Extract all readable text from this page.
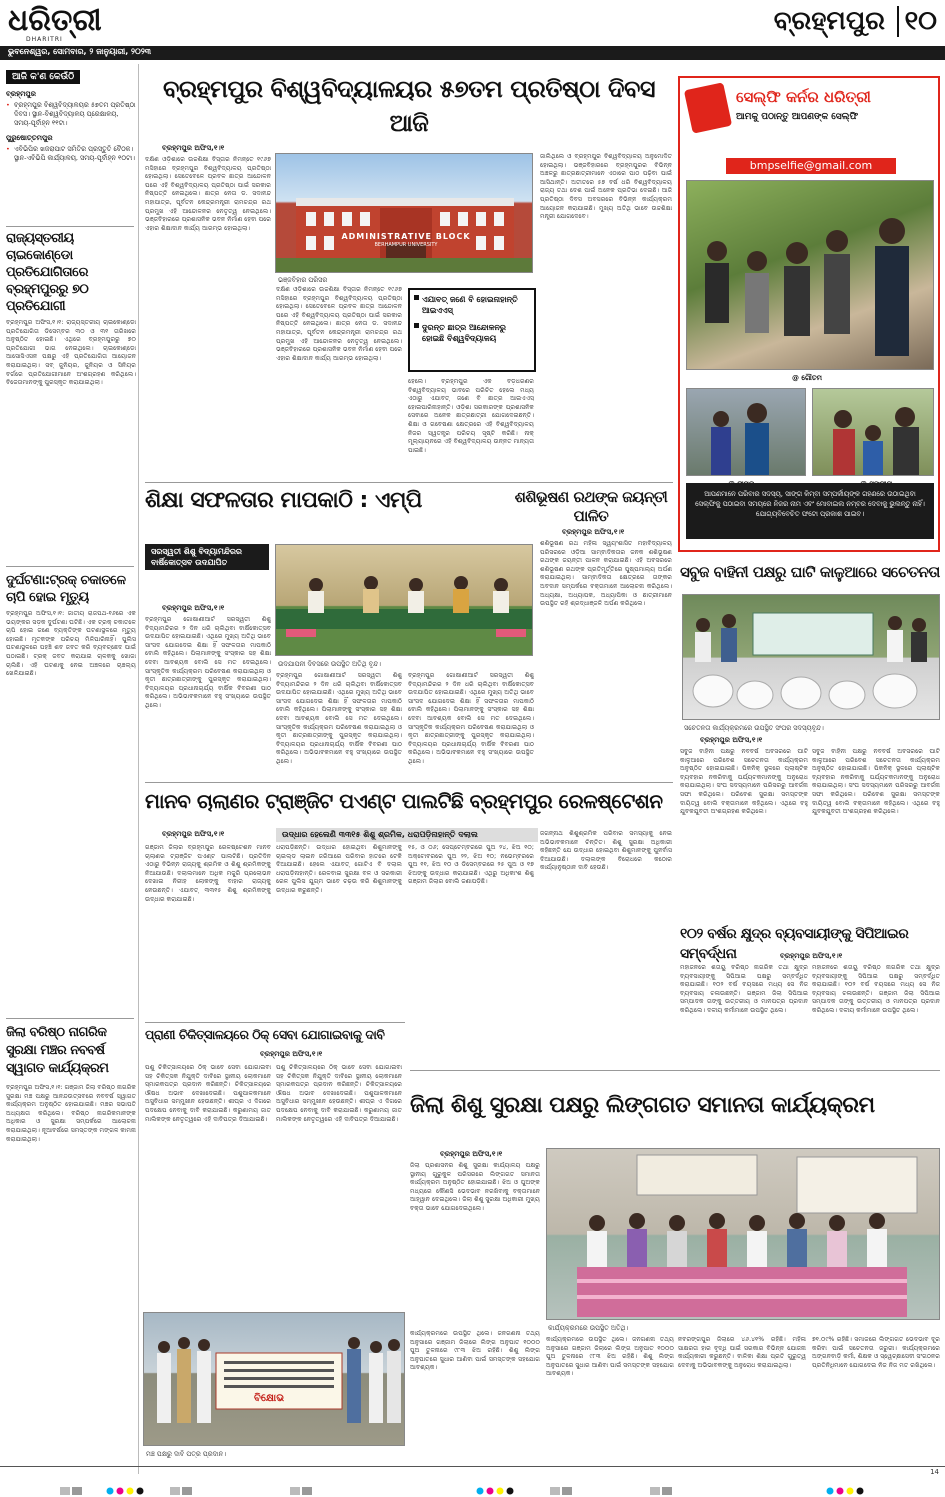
ଧରିତ୍ରୀ
DHARITRI
ବ୍ରହ୍ମପୁର ୧୦
ଭୁବନେଶ୍ୱର, ସୋମବାର, ୨ ଜାନୁୟାରୀ, ୨୦୨୩
ଆଜି କ'ଣ କେଉଁଠି
ବ୍ରହ୍ମପୁର
• ବ୍ରହ୍ମପୁର ବିଶ୍ୱବିଦ୍ୟାଳୟର ୫୭ତମ ପ୍ରତିଷ୍ଠା ଦିବସ। ସ୍ଥାନ-ବିଶ୍ୱବିଦ୍ୟାଳୟ ପ୍ରେକ୍ଷାଳୟ, ସମୟ-ପୂର୍ବାହ୍ନ ୧୧ଟା।
ପୁରୁଷୋତ୍ତମପୁର
• ଏବିଭିପିର ଖଜରାପାଟ ସମିତିର ପ୍ରସ୍ତୁତି ବୈଠକ। ସ୍ଥାନ-ଏବିଭିପି କାର୍ଯ୍ୟାଳୟ, ସମୟ-ପୂର୍ବାହ୍ନ ୧୦ଟା।
ରାଜ୍ୟସ୍ତରୀୟ ଚାଇକୋଣ୍ଡୋ ପ୍ରତିଯୋଗିତାରେ ବ୍ରହ୍ମପୁରରୁ ୭୦ ପ୍ରତିଯୋଗୀ
ବ୍ରହ୍ମପୁର ଅଫିସ,୧।୧: ରାଜ୍ୟସ୍ତରୀୟ ଚାଇକୋଣ୍ଡୋ ପ୍ରତିଯୋଗିତା ଡିସେମ୍ବର ୩୦ ଓ ୩୧ ତାରିଖରେ ଅନୁଷ୍ଠିତ ହୋଇଛି। ଏଥିରେ ବ୍ରହ୍ମପୁରରୁ ୭୦ ପ୍ରତିଯୋଗୀ ଭାଗ ନେଇଥିଲେ। ଚାଇକୋଣ୍ଡୋ ଆସୋସିଏସନ ପକ୍ଷରୁ ଏହି ପ୍ରତିଯୋଗିତା ଆୟୋଜନ କରାଯାଇଥିଲା। ସବ୍ ଜୁନିୟର, ଜୁନିୟର ଓ ସିନିୟର ବର୍ଗରେ ପ୍ରତିଯୋଗୀମାନେ ଅଂଶଗ୍ରହଣ କରିଥିଲେ। ବିଜେତାମାନଙ୍କୁ ପୁରସ୍କୃତ କରାଯାଇଥିଲା।
ଦୁର୍ଘଟଣା:ଟ୍ରକ୍ ଚକାତଳେ ଚାପି ହୋଇ ମୃତ୍ୟୁ
ବ୍ରହ୍ମପୁର ଅଫିସ,୧।୧: ଜାତୀୟ ରାଜପଥ-୧୬ରେ ଏକ ଭୟଙ୍କର ସଡ଼କ ଦୁର୍ଘଟଣା ଘଟିଛି। ଏକ ଟ୍ରକ୍ ଚକାତଳେ ଚାପି ହୋଇ ଜଣେ ବ୍ୟକ୍ତିଙ୍କ ଘଟଣାସ୍ଥଳରେ ମୃତ୍ୟୁ ହୋଇଛି। ମୃତକଙ୍କ ପରିଚୟ ମିଳିପାରିନାହିଁ। ପୁଲିସ ଘଟଣାସ୍ଥଳରେ ପହଞ୍ଚି ଶବ ଜବତ କରି ବ୍ୟବଚ୍ଛେଦ ପାଇଁ ପଠାଇଛି। ଟ୍ରକ୍ ଜବତ କରାଯାଇ ଚାଳକକୁ ଖୋଜା ଚାଲିଛି। ଏହି ଘଟଣାକୁ ନେଇ ଅଞ୍ଚଳରେ ଚାଞ୍ଚଲ୍ୟ ଖେଳିଯାଇଛି।
ଜିଲା ବରିଷ୍ଠ ନାଗରିକ ସୁରକ୍ଷା ମଞ୍ଚର ନବବର୍ଷ ସ୍ୱାଗତ କାର୍ଯ୍ୟକ୍ରମ
ବ୍ରହ୍ମପୁର ଅଫିସ,୧।୧: ଗଞ୍ଜାମ ଜିଲା ବରିଷ୍ଠ ନାଗରିକ ସୁରକ୍ଷା ମଞ୍ଚ ପକ୍ଷରୁ ଆନନ୍ଦଉତ୍ସବରେ ନବବର୍ଷ ସ୍ୱାଗତ କାର୍ଯ୍ୟକ୍ରମ ଅନୁଷ୍ଠିତ ହୋଇଯାଇଛି। ମଞ୍ଚର ସଭାପତି ଅଧ୍ୟକ୍ଷତା କରିଥିଲେ। ବରିଷ୍ଠ ନାଗରିକମାନଙ୍କ ଅଧିକାର ଓ ସୁରକ୍ଷା ସମ୍ପର୍କରେ ଆଲୋଚନା କରାଯାଇଥିଲା। ନୂଆବର୍ଷରେ ସମସ୍ତଙ୍କ ମଙ୍ଗଳ କାମନା କରାଯାଇଥିଲା।
ବ୍ରହ୍ମପୁର ବିଶ୍ୱବିଦ୍ୟାଳୟର ୫୭ତମ ପ୍ରତିଷ୍ଠା ଦିବସ ଆଜି
ବ୍ରହ୍ମପୁର ଅଫିସ,୧।୧
ଦକ୍ଷିଣ ଓଡ଼ିଶାରେ ଉଚ୍ଚଶିକ୍ଷା ବିସ୍ତାର ନିମନ୍ତେ ୧୯୬୭ ମସିହାରେ ବ୍ରହ୍ମପୁର ବିଶ୍ୱବିଦ୍ୟାଳୟ ପ୍ରତିଷ୍ଠା ହୋଇଥିଲା। ସେତେବେଳେ ପ୍ରବଳ ଛାତ୍ର ଆନ୍ଦୋଳନ ପରେ ଏହି ବିଶ୍ୱବିଦ୍ୟାଳୟ ପ୍ରତିଷ୍ଠା ପାଇଁ ସରକାର ନିଷ୍ପତ୍ତି ନେଇଥିଲେ। ଛାତ୍ର ନେତା ଡ. ସଦାନନ୍ଦ ମହାପାତ୍ର, ପୂର୍ବତନ କେନ୍ଦ୍ରମନ୍ତ୍ରୀ ରାମଚନ୍ଦ୍ର ରଥ ପ୍ରମୁଖ ଏହି ଆନ୍ଦୋଳନର ନେତୃତ୍ୱ ନେଇଥିଲେ। ଭଞ୍ଜବିହାରରେ ପ୍ରଶାସନିକ ଭବନ ନିର୍ମାଣ ହେବା ପରେ ଏହାର ଶିକ୍ଷାଦାନ କାର୍ଯ୍ୟ ଆରମ୍ଭ ହୋଇଥିଲା।
ADMINISTRATIVE BLOCK
BERHAMPUR UNIVERSITY
ଭଞ୍ଜବିହାର ପରିସର
ଦକ୍ଷିଣ ଓଡ଼ିଶାରେ ଉଚ୍ଚଶିକ୍ଷା ବିସ୍ତାର ନିମନ୍ତେ ୧୯୬୭ ମସିହାରେ ବ୍ରହ୍ମପୁର ବିଶ୍ୱବିଦ୍ୟାଳୟ ପ୍ରତିଷ୍ଠା ହୋଇଥିଲା। ସେତେବେଳେ ପ୍ରବଳ ଛାତ୍ର ଆନ୍ଦୋଳନ ପରେ ଏହି ବିଶ୍ୱବିଦ୍ୟାଳୟ ପ୍ରତିଷ୍ଠା ପାଇଁ ସରକାର ନିଷ୍ପତ୍ତି ନେଇଥିଲେ। ଛାତ୍ର ନେତା ଡ. ସଦାନନ୍ଦ ମହାପାତ୍ର, ପୂର୍ବତନ କେନ୍ଦ୍ରମନ୍ତ୍ରୀ ରାମଚନ୍ଦ୍ର ରଥ ପ୍ରମୁଖ ଏହି ଆନ୍ଦୋଳନର ନେତୃତ୍ୱ ନେଇଥିଲେ। ଭଞ୍ଜବିହାରରେ ପ୍ରଶାସନିକ ଭବନ ନିର୍ମାଣ ହେବା ପରେ ଏହାର ଶିକ୍ଷାଦାନ କାର୍ଯ୍ୟ ଆରମ୍ଭ ହୋଇଥିଲା।
ଏଯାବତ୍ ଜଣେ ବି ହୋଇନାହାନ୍ତି ଆଇଏଏସ୍
ଦୁରନ୍ତ ଛାତ୍ର ଆନ୍ଦୋଳନରୁ ହୋଇଛି ବିଶ୍ୱବିଦ୍ୟାଳୟ
ହେଲେ। ବ୍ରହ୍ମପୁର ଏକ ବଡ଼ଧରଣର ବିଶ୍ୱବିଦ୍ୟାଳୟ ଭାବରେ ପରିଚିତ ହେଲେ ମଧ୍ୟ ଏଠାରୁ ଏଯାବତ୍ ଜଣେ ବି ଛାତ୍ର ଆଇଏଏସ୍ ହୋଇପାରିନାହାନ୍ତି। ଓଡ଼ିଶା ସରକାରଙ୍କ ପ୍ରଶାସନିକ ସେବାରେ ଅନେକ ଛାତ୍ରଛାତ୍ରୀ ଯୋଗଦେଇଛନ୍ତି। ଶିକ୍ଷା ଓ ଗବେଷଣା କ୍ଷେତ୍ରରେ ଏହି ବିଶ୍ୱବିଦ୍ୟାଳୟ ନିଜର ସ୍ୱତନ୍ତ୍ର ପରିଚୟ ସୃଷ୍ଟି କରିଛି। ନାକ୍ ମୂଲ୍ୟାୟନରେ ଏହି ବିଶ୍ୱବିଦ୍ୟାଳୟ ଉନ୍ନତ ମାନ୍ୟତା ପାଇଛି।
ଜାଲିଥିଲେ ଓ ବ୍ରହ୍ମପୁର ବିଶ୍ୱବିଦ୍ୟାଳୟ ଅନୁମୋଦିତ ହୋଇଥିଲା। ଭଞ୍ଜବିହାରରେ ବ୍ରହ୍ମପୁରର ବିଭିନ୍ନ ଅଞ୍ଚଳରୁ ଛାତ୍ରଛାତ୍ରୀମାନେ ଏଠାରେ ପାଠ ପଢ଼ିବା ପାଇଁ ଆସିଥାନ୍ତି। ଅତୀତରେ ୫୭ ବର୍ଷ ଧରି ବିଶ୍ୱବିଦ୍ୟାଳୟ ରାଜ୍ୟ ତଥା ଦେଶ ପାଇଁ ଅନେକ ପ୍ରତିଭା ଦେଇଛି। ଆଜି ପ୍ରତିଷ୍ଠା ଦିବସ ଅବସରରେ ବିଭିନ୍ନ କାର୍ଯ୍ୟକ୍ରମ ଆୟୋଜନ କରାଯାଇଛି। ମୁଖ୍ୟ ଅତିଥି ଭାବେ ଉଚ୍ଚଶିକ୍ଷା ମନ୍ତ୍ରୀ ଯୋଗଦେବେ।
ସେଲ୍ଫି କର୍ନର ଧରିତ୍ରୀ
ଆମକୁ ପଠାନ୍ତୁ ଆପଣଙ୍କ ସେଲ୍ଫି
bmpselfie@gmail.com
@ ଗୌତମ
ଆପଣମାନେ ପରିବାର ସଦସ୍ୟ, ସାଙ୍ଗ କିମ୍ବା ସମ୍ପର୍କୀୟଙ୍କ ଗହଣରେ ଉଠାଇଥିବା ସେଲ୍ଫିକୁ ପଠାଇବା ସମୟରେ ନିଜର ନାମ ଏବଂ ମୋବାଇଲ ନମ୍ବର ଦେବାକୁ ଭୁଲନ୍ତୁ ନାହିଁ। ଯୋଗ୍ୟବିବେଚିତ ଫଟୋ ପ୍ରକାଶ ପାଇବ।
ଶିକ୍ଷା ସଫଳତାର ମାପକାଠି : ଏମ୍‌ପି
ସରସ୍ୱତୀ ଶିଶୁ ବିଦ୍ୟାମନ୍ଦିରର ବାର୍ଷିକୋତ୍ସବ ଉଦଯାପିତ
ବ୍ରହ୍ମପୁର ଅଫିସ,୧।୧
ଉଦଯାପନୀ ଦିବସରେ ଉପସ୍ଥିତ ଅତିଥି ବୃନ୍ଦ।
ବ୍ରହ୍ମପୁର ଗୋଷାଣୀଆର୍ଟ ସରସ୍ୱତୀ ଶିଶୁ ବିଦ୍ୟାମନ୍ଦିରର ୨ ଦିନ ଧରି ଚାଲିଥିବା ବାର୍ଷିକୋତ୍ସବ ଉଦଯାପିତ ହୋଇଯାଇଛି। ଏଥିରେ ମୁଖ୍ୟ ଅତିଥି ଭାବେ ସାଂସଦ ଯୋଗଦେଇ ଶିକ୍ଷା ହିଁ ସଫଳତାର ମାପକାଠି ବୋଲି କହିଥିଲେ। ପିଲାମାନଙ୍କୁ ସଂସ୍କାର ସହ ଶିକ୍ଷା ଦେବା ଆବଶ୍ୟକ ବୋଲି ସେ ମତ ଦେଇଥିଲେ। ସାଂସ୍କୃତିକ କାର୍ଯ୍ୟକ୍ରମ ପରିବେଷଣ କରାଯାଇଥିଲା ଓ କୃତୀ ଛାତ୍ରଛାତ୍ରୀଙ୍କୁ ପୁରସ୍କୃତ କରାଯାଇଥିଲା। ବିଦ୍ୟାଳୟର ପ୍ରଧାନାଚାର୍ଯ୍ୟ ବାର୍ଷିକ ବିବରଣୀ ପାଠ କରିଥିଲେ। ଅଭିଭାବକମାନେ ବହୁ ସଂଖ୍ୟାରେ ଉପସ୍ଥିତ ଥିଲେ।
ବ୍ରହ୍ମପୁର ଗୋଷାଣୀଆର୍ଟ ସରସ୍ୱତୀ ଶିଶୁ ବିଦ୍ୟାମନ୍ଦିରର ୨ ଦିନ ଧରି ଚାଲିଥିବା ବାର୍ଷିକୋତ୍ସବ ଉଦଯାପିତ ହୋଇଯାଇଛି। ଏଥିରେ ମୁଖ୍ୟ ଅତିଥି ଭାବେ ସାଂସଦ ଯୋଗଦେଇ ଶିକ୍ଷା ହିଁ ସଫଳତାର ମାପକାଠି ବୋଲି କହିଥିଲେ। ପିଲାମାନଙ୍କୁ ସଂସ୍କାର ସହ ଶିକ୍ଷା ଦେବା ଆବଶ୍ୟକ ବୋଲି ସେ ମତ ଦେଇଥିଲେ। ସାଂସ୍କୃତିକ କାର୍ଯ୍ୟକ୍ରମ ପରିବେଷଣ କରାଯାଇଥିଲା ଓ କୃତୀ ଛାତ୍ରଛାତ୍ରୀଙ୍କୁ ପୁରସ୍କୃତ କରାଯାଇଥିଲା। ବିଦ୍ୟାଳୟର ପ୍ରଧାନାଚାର୍ଯ୍ୟ ବାର୍ଷିକ ବିବରଣୀ ପାଠ କରିଥିଲେ। ଅଭିଭାବକମାନେ ବହୁ ସଂଖ୍ୟାରେ ଉପସ୍ଥିତ ଥିଲେ।
ବ୍ରହ୍ମପୁର ଗୋଷାଣୀଆର୍ଟ ସରସ୍ୱତୀ ଶିଶୁ ବିଦ୍ୟାମନ୍ଦିରର ୨ ଦିନ ଧରି ଚାଲିଥିବା ବାର୍ଷିକୋତ୍ସବ ଉଦଯାପିତ ହୋଇଯାଇଛି। ଏଥିରେ ମୁଖ୍ୟ ଅତିଥି ଭାବେ ସାଂସଦ ଯୋଗଦେଇ ଶିକ୍ଷା ହିଁ ସଫଳତାର ମାପକାଠି ବୋଲି କହିଥିଲେ। ପିଲାମାନଙ୍କୁ ସଂସ୍କାର ସହ ଶିକ୍ଷା ଦେବା ଆବଶ୍ୟକ ବୋଲି ସେ ମତ ଦେଇଥିଲେ। ସାଂସ୍କୃତିକ କାର୍ଯ୍ୟକ୍ରମ ପରିବେଷଣ କରାଯାଇଥିଲା ଓ କୃତୀ ଛାତ୍ରଛାତ୍ରୀଙ୍କୁ ପୁରସ୍କୃତ କରାଯାଇଥିଲା। ବିଦ୍ୟାଳୟର ପ୍ରଧାନାଚାର୍ଯ୍ୟ ବାର୍ଷିକ ବିବରଣୀ ପାଠ କରିଥିଲେ। ଅଭିଭାବକମାନେ ବହୁ ସଂଖ୍ୟାରେ ଉପସ୍ଥିତ ଥିଲେ।
ଶଶିଭୂଷଣ ରଥଙ୍କ ଜୟନ୍ତୀ ପାଳିତ
ବ୍ରହ୍ମପୁର ଅଫିସ,୧।୧
ଶଶିଭୂଷଣ ରଥ ମହିଳା ସ୍ୱୟଂଶାସିତ ମହାବିଦ୍ୟାଳୟ ପରିସରରେ ଓଡ଼ିଆ ସାମ୍ବାଦିକତାର ଜନକ ଶଶିଭୂଷଣ ରଥଙ୍କ ଜୟନ୍ତୀ ପାଳନ କରାଯାଇଛି। ଏହି ଅବସରରେ ଶଶିଭୂଷଣ ରଥଙ୍କ ପ୍ରତିମୂର୍ତ୍ତିରେ ପୁଷ୍ପମାଲ୍ୟ ଅର୍ପଣ କରାଯାଇଥିଲା। ସାମ୍ବାଦିକତା କ୍ଷେତ୍ରରେ ତାଙ୍କର ଅବଦାନ ସମ୍ପର୍କରେ ବକ୍ତାମାନେ ଆଲୋଚନା କରିଥିଲେ। ଅଧ୍ୟକ୍ଷା, ଅଧ୍ୟାପକ, ଅଧ୍ୟାପିକା ଓ ଛାତ୍ରୀମାନେ ଉପସ୍ଥିତ ରହି ଶ୍ରଦ୍ଧାଞ୍ଜଳି ଅର୍ପଣ କରିଥିଲେ।
ସବୁଜ ବାହିନୀ ପକ୍ଷରୁ ଘାଟି କାଳୁଆରେ ସଚେତନତା
ସଚେତନତା କାର୍ଯ୍ୟକ୍ରମରେ ଉପସ୍ଥିତ ସଂଘର ସଦସ୍ୟବୃନ୍ଦ।
ବ୍ରହ୍ମପୁର ଅଫିସ,୧।୧
ସବୁଜ ବାହିନୀ ପକ୍ଷରୁ ନବବର୍ଷ ଅବସରରେ ଘାଟି କାଳୁଆରେ ପରିବେଶ ସଚେତନତା କାର୍ଯ୍ୟକ୍ରମ ଅନୁଷ୍ଠିତ ହୋଇଯାଇଛି। ପିକନିକ୍ ସ୍ଥଳରେ ପ୍ଲାଷ୍ଟିକ ବ୍ୟବହାର ନକରିବାକୁ ପର୍ଯ୍ୟଟକମାନଙ୍କୁ ଅନୁରୋଧ କରାଯାଇଥିଲା। ସଂଘ ସଦସ୍ୟମାନେ ପରିସରରୁ ଆବର୍ଜନା ସଫା କରିଥିଲେ। ପରିବେଶ ସୁରକ୍ଷା ସମସ୍ତଙ୍କ ଦାୟିତ୍ୱ ବୋଲି ବକ୍ତାମାନେ କହିଥିଲେ। ଏଥିରେ ବହୁ ଯୁବକଯୁବତୀ ଅଂଶଗ୍ରହଣ କରିଥିଲେ।
ସବୁଜ ବାହିନୀ ପକ୍ଷରୁ ନବବର୍ଷ ଅବସରରେ ଘାଟି କାଳୁଆରେ ପରିବେଶ ସଚେତନତା କାର୍ଯ୍ୟକ୍ରମ ଅନୁଷ୍ଠିତ ହୋଇଯାଇଛି। ପିକନିକ୍ ସ୍ଥଳରେ ପ୍ଲାଷ୍ଟିକ ବ୍ୟବହାର ନକରିବାକୁ ପର୍ଯ୍ୟଟକମାନଙ୍କୁ ଅନୁରୋଧ କରାଯାଇଥିଲା। ସଂଘ ସଦସ୍ୟମାନେ ପରିସରରୁ ଆବର୍ଜନା ସଫା କରିଥିଲେ। ପରିବେଶ ସୁରକ୍ଷା ସମସ୍ତଙ୍କ ଦାୟିତ୍ୱ ବୋଲି ବକ୍ତାମାନେ କହିଥିଲେ। ଏଥିରେ ବହୁ ଯୁବକଯୁବତୀ ଅଂଶଗ୍ରହଣ କରିଥିଲେ।
ମାନବ ଚାଲାଣର ଟ୍ରାଞ୍ଜିଟ ପଏଣ୍ଟ ପାଲଟିଛି ବ୍ରହ୍ମପୁର ରେଳଷ୍ଟେଶନ
ବ୍ରହ୍ମପୁର ଅଫିସ,୧।୧	ଉଦ୍ଧାର ହେଲେଣି ୩୩୧୫ ଶିଶୁ ଶ୍ରମିକ, ଧରାପଡ଼ିନାହାନ୍ତି ଦଲାଲ
ଗଞ୍ଜାମ ଜିଲାର ବ୍ରହ୍ମପୁର ରେଳଷ୍ଟେଶନ ମାନବ ଚାଲାଣର ଟ୍ରାଞ୍ଜିଟ ପଏଣ୍ଟ ପାଲଟିଛି। ପ୍ରତିଦିନ ଏଠାରୁ ବିଭିନ୍ନ ରାଜ୍ୟକୁ ଶ୍ରମିକ ଓ ଶିଶୁ ଶ୍ରମିକଙ୍କୁ ନିଆଯାଉଛି। ଦଲାଲମାନେ ଅଧିକ ମଜୁରି ପ୍ରଲୋଭନ ଦେଖାଇ ନିରୀହ ଲୋକଙ୍କୁ ବାହାର ରାଜ୍ୟକୁ ନେଉଛନ୍ତି। ଏଯାବତ୍ ୩୩୧୫ ଶିଶୁ ଶ୍ରମିକଙ୍କୁ ଉଦ୍ଧାର କରାଯାଇଛି।
ଧରାପଡ଼ିଛନ୍ତି। ଉଦ୍ଧାର ହୋଇଥିବା ଶିଶୁମାନଙ୍କୁ ଚାଇଲ୍ଡ ଲାଇନ ଜରିଆରେ ପରିବାର ହାତରେ ଟେକି ଦିଆଯାଇଛି। ହେଲେ ଏଯାବତ୍ ଗୋଟିଏ ବି ଦଲାଲ ଧରାପଡ଼ିନାହାନ୍ତି। ରେଳବାଇ ସୁରକ୍ଷା ବଳ ଓ ସରକାରୀ ରେଳ ପୁଲିସ ଯୁଗ୍ମ ଭାବେ ଚଢ଼ଉ କରି ଶିଶୁମାନଙ୍କୁ ଉଦ୍ଧାର କରୁଛନ୍ତି।
୧୫, ଓ ୦୬; ସେପ୍ଟେମ୍ବରରେ ପୁଅ ୨୪, ଝିଅ ୧୦; ଅକ୍ଟୋବରରେ ପୁଅ ୨୨, ଝିଅ ୧୦; ନଭେମ୍ବରରେ ପୁଅ ୧୧, ଝିଅ ୧୦ ଓ ଡିସେମ୍ବରରେ ୨୫ ପୁଅ ଓ ୧୭ ଝିଅଙ୍କୁ ଉଦ୍ଧାର କରାଯାଇଛି। ଏଥିରୁ ଅଧିକାଂଶ ଶିଶୁ ଗଞ୍ଜାମ ଜିଲାର ବୋଲି ଜଣାପଡ଼ିଛି।
ଜଗନ୍ନାଥ ଶିଶୁଶ୍ରମିକ ପରିବାର ସମସ୍ୟାକୁ ନେଇ ଅଭିଭାବକମାନେ ଚିନ୍ତିତ। ଶିଶୁ ସୁରକ୍ଷା ଅଧିକାରୀ କହିଛନ୍ତି ଯେ ଉଦ୍ଧାର ହୋଇଥିବା ଶିଶୁମାନଙ୍କୁ ପୁନର୍ବାସ ଦିଆଯାଉଛି। ଦଲାଲଙ୍କ ବିରୋଧରେ କଠୋର କାର୍ଯ୍ୟାନୁଷ୍ଠାନ ଦାବି ହେଉଛି।
୧୦୨ ବର୍ଷର କ୍ଷୁଦ୍ର ବ୍ୟବସାୟୀଙ୍କୁ ସିପିଆଇର ସମ୍ବର୍ଦ୍ଧନା	ବ୍ରହ୍ମପୁର ଅଫିସ,୧।୧
ମହାଜନରେ ଶତାୟୁ ବରିଷ୍ଠ ନାଗରିକ ତଥା କ୍ଷୁଦ୍ର ବ୍ୟବସାୟୀଙ୍କୁ ସିପିଆଇ ପକ୍ଷରୁ ସମ୍ବର୍ଦ୍ଧିତ କରାଯାଇଛି। ୧୦୨ ବର୍ଷ ବୟସରେ ମଧ୍ୟ ସେ ନିଜ ବ୍ୟବସାୟ ଚଳାଉଛନ୍ତି। ଗଞ୍ଜାମ ଜିଲା ସିପିଆଇ ସମ୍ପାଦକ ତାଙ୍କୁ ଉତ୍ତରୀୟ ଓ ମାନପତ୍ର ପ୍ରଦାନ କରିଥିଲେ। ଦଳୀୟ କର୍ମୀମାନେ ଉପସ୍ଥିତ ଥିଲେ।
ମହାଜନରେ ଶତାୟୁ ବରିଷ୍ଠ ନାଗରିକ ତଥା କ୍ଷୁଦ୍ର ବ୍ୟବସାୟୀଙ୍କୁ ସିପିଆଇ ପକ୍ଷରୁ ସମ୍ବର୍ଦ୍ଧିତ କରାଯାଇଛି। ୧୦୨ ବର୍ଷ ବୟସରେ ମଧ୍ୟ ସେ ନିଜ ବ୍ୟବସାୟ ଚଳାଉଛନ୍ତି। ଗଞ୍ଜାମ ଜିଲା ସିପିଆଇ ସମ୍ପାଦକ ତାଙ୍କୁ ଉତ୍ତରୀୟ ଓ ମାନପତ୍ର ପ୍ରଦାନ କରିଥିଲେ। ଦଳୀୟ କର୍ମୀମାନେ ଉପସ୍ଥିତ ଥିଲେ।
ପ୍ରାଣୀ ଚିକିତ୍ସାଳୟରେ ଠିକ୍ ସେବା ଯୋଗାଇବାକୁ ଦାବି
ବ୍ରହ୍ମପୁର ଅଫିସ,୧।୧
ପଶୁ ଚିକିତ୍ସାଳୟରେ ଠିକ୍ ଭାବେ ସେବା ଯୋଗାଇବା ସହ ଚିକିତ୍ସକ ନିଯୁକ୍ତି ଦାବିରେ ସ୍ଥାନୀୟ ଲୋକମାନେ ସ୍ମାରକପତ୍ର ପ୍ରଦାନ କରିଛନ୍ତି। ଚିକିତ୍ସାଳୟରେ ଔଷଧ ଅଭାବ ଦେଖାଦେଇଛି। ପଶୁପାଳକମାନେ ଅସୁବିଧାର ସମ୍ମୁଖୀନ ହେଉଛନ୍ତି। ଶୀଘ୍ର ଏ ଦିଗରେ ପଦକ୍ଷେପ ନେବାକୁ ଦାବି କରାଯାଇଛି। କରୁଣାମୟ ଜାତ ମାଲିକଙ୍କ ନେତୃତ୍ୱରେ ଏହି ଦାବିପତ୍ର ଦିଆଯାଇଛି।
ପଶୁ ଚିକିତ୍ସାଳୟରେ ଠିକ୍ ଭାବେ ସେବା ଯୋଗାଇବା ସହ ଚିକିତ୍ସକ ନିଯୁକ୍ତି ଦାବିରେ ସ୍ଥାନୀୟ ଲୋକମାନେ ସ୍ମାରକପତ୍ର ପ୍ରଦାନ କରିଛନ୍ତି। ଚିକିତ୍ସାଳୟରେ ଔଷଧ ଅଭାବ ଦେଖାଦେଇଛି। ପଶୁପାଳକମାନେ ଅସୁବିଧାର ସମ୍ମୁଖୀନ ହେଉଛନ୍ତି। ଶୀଘ୍ର ଏ ଦିଗରେ ପଦକ୍ଷେପ ନେବାକୁ ଦାବି କରାଯାଇଛି। କରୁଣାମୟ ଜାତ ମାଲିକଙ୍କ ନେତୃତ୍ୱରେ ଏହି ଦାବିପତ୍ର ଦିଆଯାଇଛି।
ବିକ୍ଷୋଭ
ମଞ୍ଚ ପକ୍ଷରୁ ଦାବି ପତ୍ର ପ୍ରଦାନ।
ଜିଲା ଶିଶୁ ସୁରକ୍ଷା ପକ୍ଷରୁ ଲିଙ୍ଗଗତ ସମାନତା କାର୍ଯ୍ୟକ୍ରମ
ବ୍ରହ୍ମପୁର ଅଫିସ,୧।୧
ଜିଲା ପ୍ରଶାସନର ଶିଶୁ ସୁରକ୍ଷା କାର୍ଯ୍ୟାଳୟ ପକ୍ଷରୁ ସ୍ଥାନୀୟ ଗୁରୁକୁଳ ପରିସରରେ ଲିଙ୍ଗଗତ ସମାନତା କାର୍ଯ୍ୟକ୍ରମ ଅନୁଷ୍ଠିତ ହୋଇଯାଇଛି। ଝିଅ ଓ ପୁଅଙ୍କ ମଧ୍ୟରେ କୌଣସି ଭେଦଭାବ ନରଖିବାକୁ ବକ୍ତାମାନେ ଆହ୍ୱାନ ଦେଇଥିଲେ। ଜିଲା ଶିଶୁ ସୁରକ୍ଷା ଅଧିକାରୀ ମୁଖ୍ୟ ବକ୍ତା ଭାବେ ଯୋଗଦେଇଥିଲେ।
କାର୍ଯ୍ୟକ୍ରମରେ ଉପସ୍ଥିତ ଅତିଥି।
କାର୍ଯ୍ୟକ୍ରମରେ ଉପସ୍ଥିତ ଥିଲେ। ଜନଗଣନା ତଥ୍ୟ ଅନୁସାରେ ଗଞ୍ଜାମ ଜିଲାରେ ଲିଙ୍ଗ ଅନୁପାତ ୧୦୦୦ ପୁଅ ତୁଳନାରେ ୯୮୩ ଝିଅ ରହିଛି। ଶିଶୁ ଲିଙ୍ଗ ଅନୁପାତରେ ସୁଧାର ଆଣିବା ପାଇଁ ସମସ୍ତଙ୍କ ସହଯୋଗ ଆବଶ୍ୟକ।
କାର୍ଯ୍ୟକ୍ରମରେ ଉପସ୍ଥିତ ଥିଲେ। ଜନଗଣନା ତଥ୍ୟ ଅନୁସାରେ ଗଞ୍ଜାମ ଜିଲାରେ ଲିଙ୍ଗ ଅନୁପାତ ୧୦୦୦ ପୁଅ ତୁଳନାରେ ୯୮୩ ଝିଅ ରହିଛି। ଶିଶୁ ଲିଙ୍ଗ ଅନୁପାତରେ ସୁଧାର ଆଣିବା ପାଇଁ ସମସ୍ତଙ୍କ ସହଯୋଗ ଆବଶ୍ୟକ।
ନବରଙ୍ଗପୁର ଜିଲାରେ ୪୬.୪୧% ରହିଛି। ମହିଳା ସାକ୍ଷରତା ହାର ବୃଦ୍ଧି ପାଇଁ ସରକାର ବିଭିନ୍ନ ଯୋଜନା କାର୍ଯ୍ୟକାରୀ କରୁଛନ୍ତି। ବାଳିକା ଶିକ୍ଷା ପ୍ରତି ଗୁରୁତ୍ୱ ଦେବାକୁ ଅଭିଭାବକଙ୍କୁ ଅନୁରୋଧ କରାଯାଇଥିଲା।
୭୧.୦୯% ରହିଛି। ସମାଜରେ ଲିଙ୍ଗଗତ ଭେଦଭାବ ଦୂର କରିବା ପାଇଁ ସଚେତନତା ଜରୁରୀ। କାର୍ଯ୍ୟକ୍ରମରେ ଅଙ୍ଗନବାଡ଼ି କର୍ମୀ, ଶିକ୍ଷକ ଓ ସ୍ୱେଚ୍ଛାସେବୀ ସଂଗଠନର ପ୍ରତିନିଧିମାନେ ଯୋଗଦେଇ ନିଜ ନିଜ ମତ ରଖିଥିଲେ।
14
